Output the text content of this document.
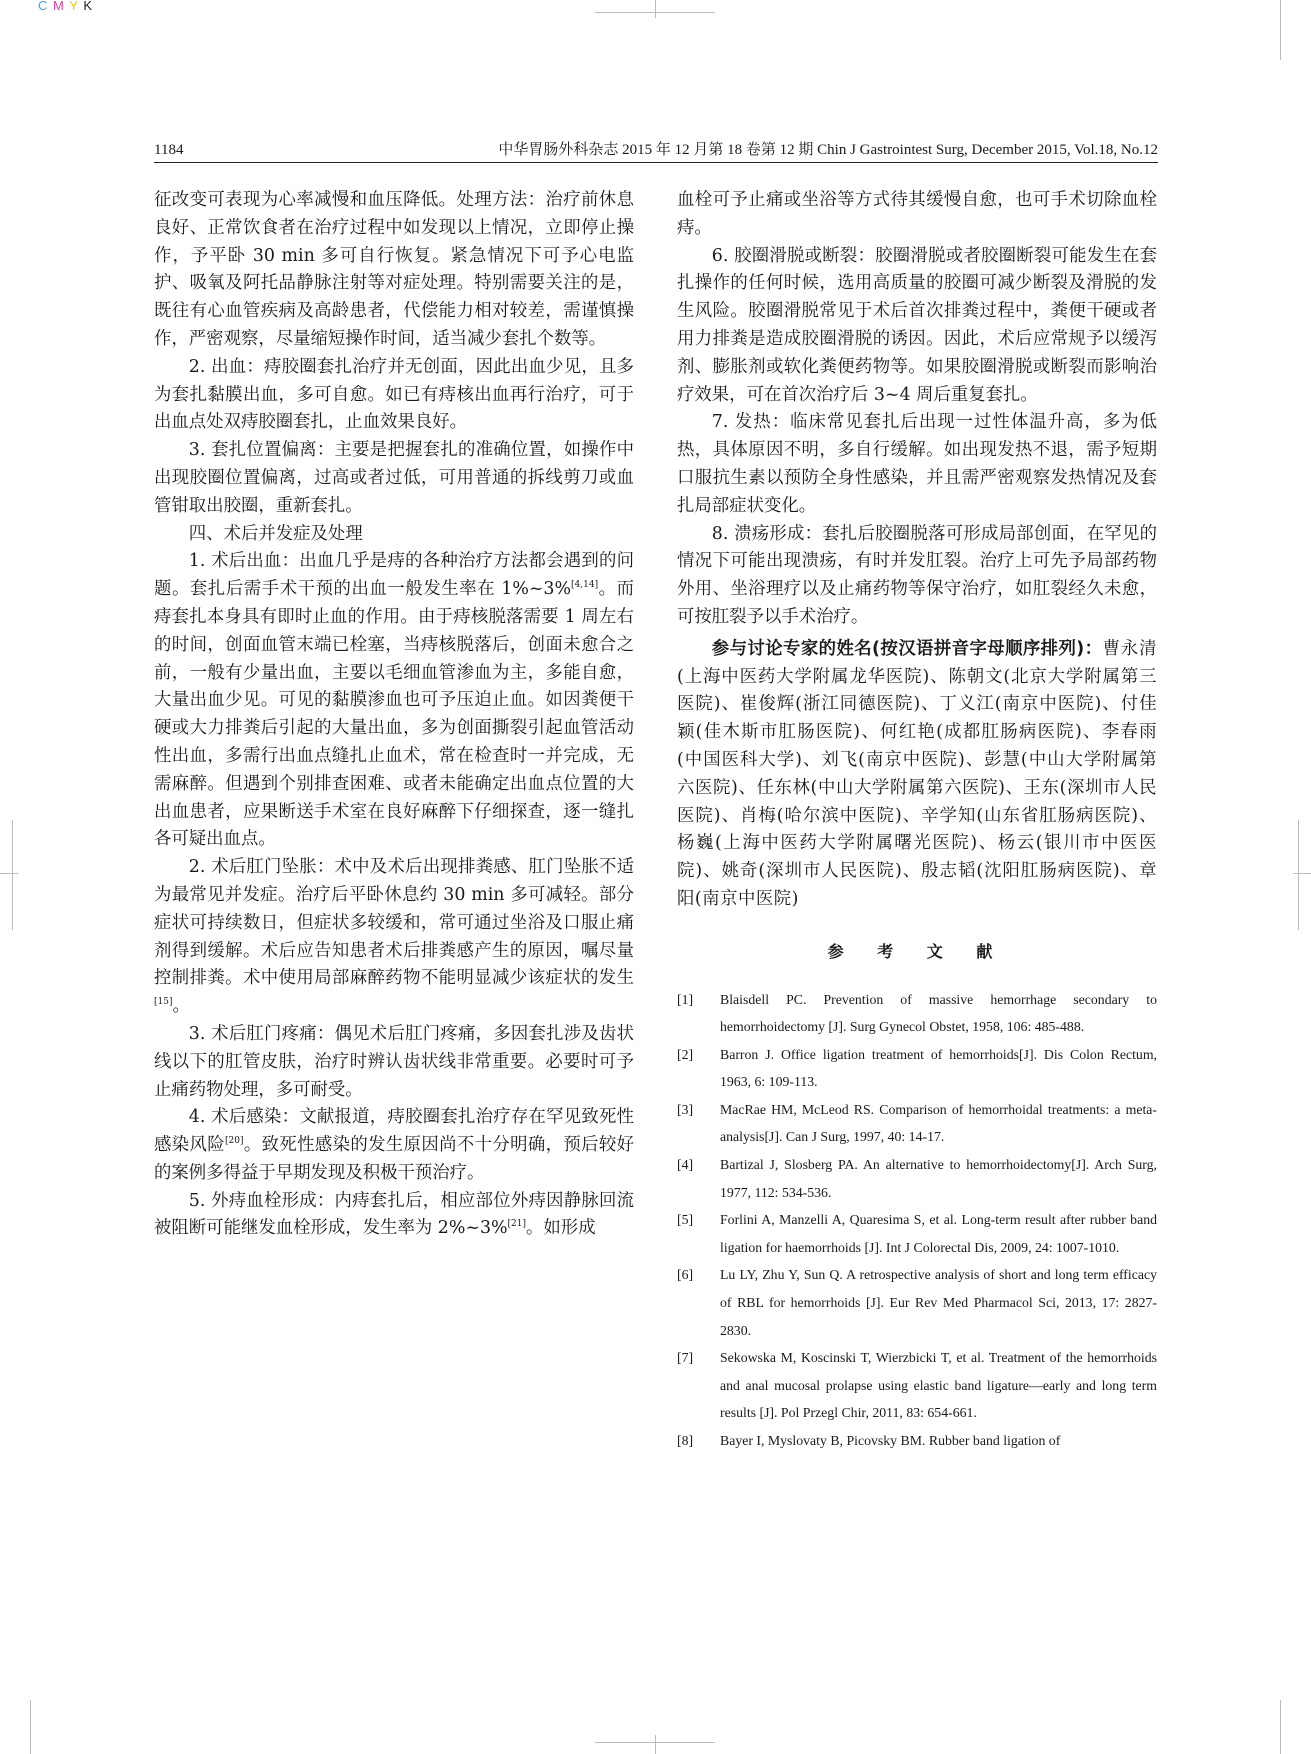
C M Y K
1184	中华胃肠外科杂志 2015 年 12 月第 18 卷第 12 期 Chin J Gastrointest Surg, December 2015, Vol.18, No.12

征改变可表现为心率减慢和血压降低。处理方法：治疗前休息良好、正常饮食者在治疗过程中如发现以上情况，立即停止操作，予平卧 30 min 多可自行恢复。紧急情况下可予心电监护、吸氧及阿托品静脉注射等对症处理。特别需要关注的是，既往有心血管疾病及高龄患者，代偿能力相对较差，需谨慎操作，严密观察，尽量缩短操作时间，适当减少套扎个数等。

2. 出血：痔胶圈套扎治疗并无创面，因此出血少见，且多为套扎黏膜出血，多可自愈。如已有痔核出血再行治疗，可于出血点处双痔胶圈套扎，止血效果良好。

3. 套扎位置偏离：主要是把握套扎的准确位置，如操作中出现胶圈位置偏离，过高或者过低，可用普通的拆线剪刀或血管钳取出胶圈，重新套扎。

四、术后并发症及处理

1. 术后出血：出血几乎是痔的各种治疗方法都会遇到的问题。套扎后需手术干预的出血一般发生率在 1%~3%[4,14]。而痔套扎本身具有即时止血的作用。由于痔核脱落需要 1 周左右的时间，创面血管末端已栓塞，当痔核脱落后，创面未愈合之前，一般有少量出血，主要以毛细血管渗血为主，多能自愈，大量出血少见。可见的黏膜渗血也可予压迫止血。如因粪便干硬或大力排粪后引起的大量出血，多为创面撕裂引起血管活动性出血，多需行出血点缝扎止血术，常在检查时一并完成，无需麻醉。但遇到个别排查困难、或者未能确定出血点位置的大出血患者，应果断送手术室在良好麻醉下仔细探查，逐一缝扎各可疑出血点。

2. 术后肛门坠胀：术中及术后出现排粪感、肛门坠胀不适为最常见并发症。治疗后平卧休息约 30 min 多可减轻。部分症状可持续数日，但症状多较缓和，常可通过坐浴及口服止痛剂得到缓解。术后应告知患者术后排粪感产生的原因，嘱尽量控制排粪。术中使用局部麻醉药物不能明显减少该症状的发生[15]。

3. 术后肛门疼痛：偶见术后肛门疼痛，多因套扎涉及齿状线以下的肛管皮肤，治疗时辨认齿状线非常重要。必要时可予止痛药物处理，多可耐受。

4. 术后感染：文献报道，痔胶圈套扎治疗存在罕见致死性感染风险[20]。致死性感染的发生原因尚不十分明确，预后较好的案例多得益于早期发现及积极干预治疗。

5. 外痔血栓形成：内痔套扎后，相应部位外痔因静脉回流被阻断可能继发血栓形成，发生率为 2%~3%[21]。如形成

血栓可予止痛或坐浴等方式待其缓慢自愈，也可手术切除血栓痔。

6. 胶圈滑脱或断裂：胶圈滑脱或者胶圈断裂可能发生在套扎操作的任何时候，选用高质量的胶圈可减少断裂及滑脱的发生风险。胶圈滑脱常见于术后首次排粪过程中，粪便干硬或者用力排粪是造成胶圈滑脱的诱因。因此，术后应常规予以缓泻剂、膨胀剂或软化粪便药物等。如果胶圈滑脱或断裂而影响治疗效果，可在首次治疗后 3~4 周后重复套扎。

7. 发热：临床常见套扎后出现一过性体温升高，多为低热，具体原因不明，多自行缓解。如出现发热不退，需予短期口服抗生素以预防全身性感染，并且需严密观察发热情况及套扎局部症状变化。

8. 溃疡形成：套扎后胶圈脱落可形成局部创面，在罕见的情况下可能出现溃疡，有时并发肛裂。治疗上可先予局部药物外用、坐浴理疗以及止痛药物等保守治疗，如肛裂经久未愈，可按肛裂予以手术治疗。

参与讨论专家的姓名(按汉语拼音字母顺序排列)：曹永清(上海中医药大学附属龙华医院)、陈朝文(北京大学附属第三医院)、崔俊辉(浙江同德医院)、丁义江(南京中医院)、付佳颖(佳木斯市肛肠医院)、何红艳(成都肛肠病医院)、李春雨(中国医科大学)、刘飞(南京中医院)、彭慧(中山大学附属第六医院)、任东林(中山大学附属第六医院)、王东(深圳市人民医院)、肖梅(哈尔滨中医院)、辛学知(山东省肛肠病医院)、杨巍(上海中医药大学附属曙光医院)、杨云(银川市中医医院)、姚奇(深圳市人民医院)、殷志韬(沈阳肛肠病医院)、章阳(南京中医院)

参 考 文 献

[1] Blaisdell PC. Prevention of massive hemorrhage secondary to hemorrhoidectomy [J]. Surg Gynecol Obstet, 1958, 106: 485-488.

[2] Barron J. Office ligation treatment of hemorrhoids[J]. Dis Colon Rectum, 1963, 6: 109-113.

[3] MacRae HM, McLeod RS. Comparison of hemorrhoidal treatments: a meta-analysis[J]. Can J Surg, 1997, 40: 14-17.

[4] Bartizal J, Slosberg PA. An alternative to hemorrhoidectomy[J]. Arch Surg, 1977, 112: 534-536.

[5] Forlini A, Manzelli A, Quaresima S, et al. Long-term result after rubber band ligation for haemorrhoids [J]. Int J Colorectal Dis, 2009, 24: 1007-1010.

[6] Lu LY, Zhu Y, Sun Q. A retrospective analysis of short and long term efficacy of RBL for hemorrhoids [J]. Eur Rev Med Pharmacol Sci, 2013, 17: 2827-2830.

[7] Sekowska M, Koscinski T, Wierzbicki T, et al. Treatment of the hemorrhoids and anal mucosal prolapse using elastic band ligature—early and long term results [J]. Pol Przegl Chir, 2011, 83: 654-661.

[8] Bayer I, Myslovaty B, Picovsky BM. Rubber band ligation of
